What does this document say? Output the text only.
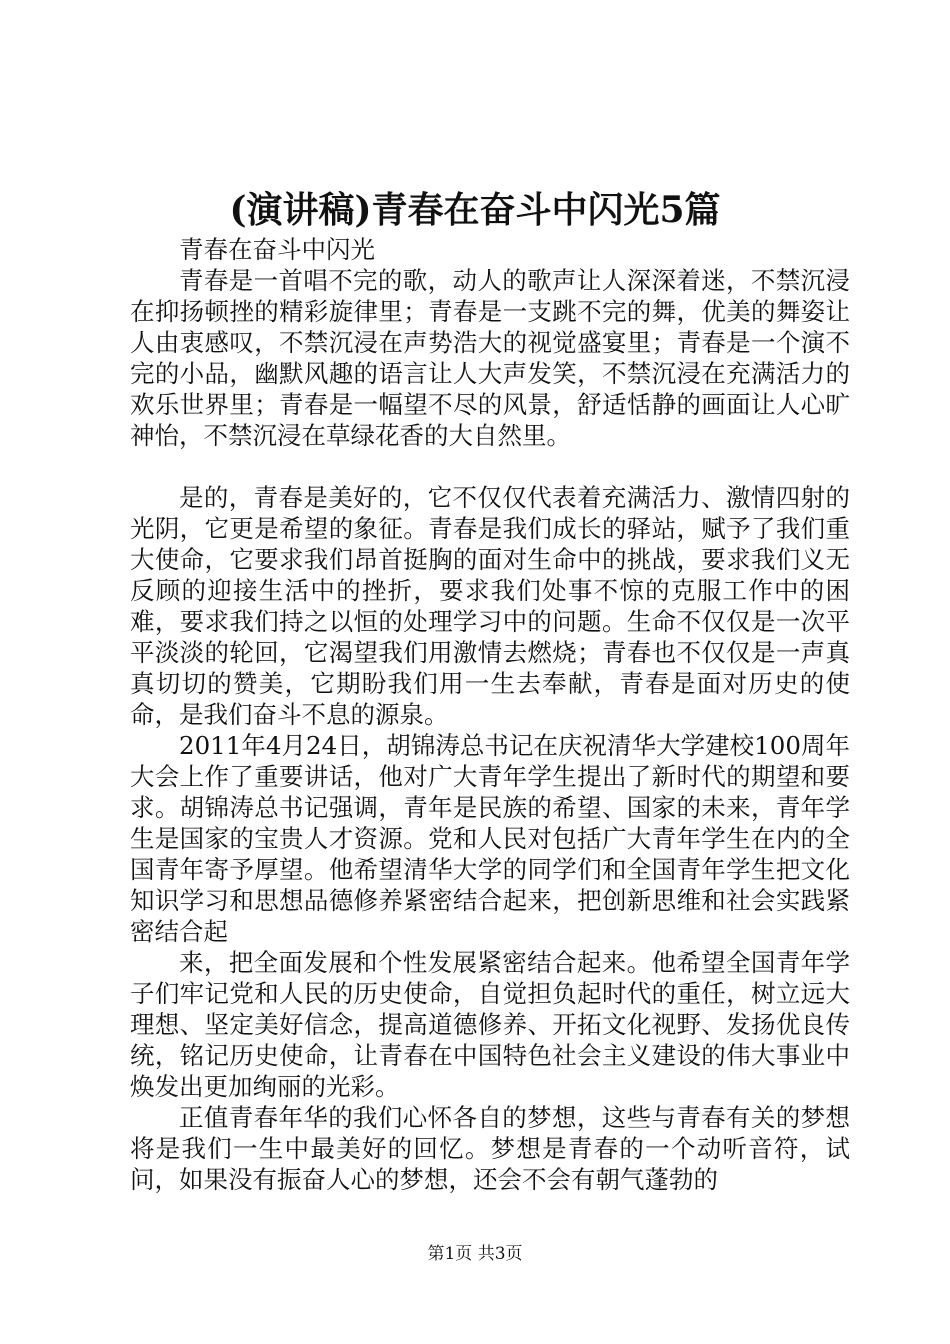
(演讲稿)青春在奋斗中闪光5篇

青春在奋斗中闪光

青春是一首唱不完的歌，动人的歌声让人深深着迷，不禁沉浸在抑扬顿挫的精彩旋律里；青春是一支跳不完的舞，优美的舞姿让人由衷感叹，不禁沉浸在声势浩大的视觉盛宴里；青春是一个演不完的小品，幽默风趣的语言让人大声发笑，不禁沉浸在充满活力的欢乐世界里；青春是一幅望不尽的风景，舒适恬静的画面让人心旷神怡，不禁沉浸在草绿花香的大自然里。

是的，青春是美好的，它不仅仅代表着充满活力、激情四射的光阴，它更是希望的象征。青春是我们成长的驿站，赋予了我们重大使命，它要求我们昂首挺胸的面对生命中的挑战，要求我们义无反顾的迎接生活中的挫折，要求我们处事不惊的克服工作中的困难，要求我们持之以恒的处理学习中的问题。生命不仅仅是一次平平淡淡的轮回，它渴望我们用激情去燃烧；青春也不仅仅是一声真真切切的赞美，它期盼我们用一生去奉献，青春是面对历史的使命，是我们奋斗不息的源泉。

2011年4月24日，胡锦涛总书记在庆祝清华大学建校100周年大会上作了重要讲话，他对广大青年学生提出了新时代的期望和要求。胡锦涛总书记强调，青年是民族的希望、国家的未来，青年学生是国家的宝贵人才资源。党和人民对包括广大青年学生在内的全国青年寄予厚望。他希望清华大学的同学们和全国青年学生把文化知识学习和思想品德修养紧密结合起来，把创新思维和社会实践紧密结合起

来，把全面发展和个性发展紧密结合起来。他希望全国青年学子们牢记党和人民的历史使命，自觉担负起时代的重任，树立远大理想、坚定美好信念，提高道德修养、开拓文化视野、发扬优良传统，铭记历史使命，让青春在中国特色社会主义建设的伟大事业中焕发出更加绚丽的光彩。

正值青春年华的我们心怀各自的梦想，这些与青春有关的梦想将是我们一生中最美好的回忆。梦想是青春的一个动听音符，试问，如果没有振奋人心的梦想，还会不会有朝气蓬勃的

第1页 共3页
